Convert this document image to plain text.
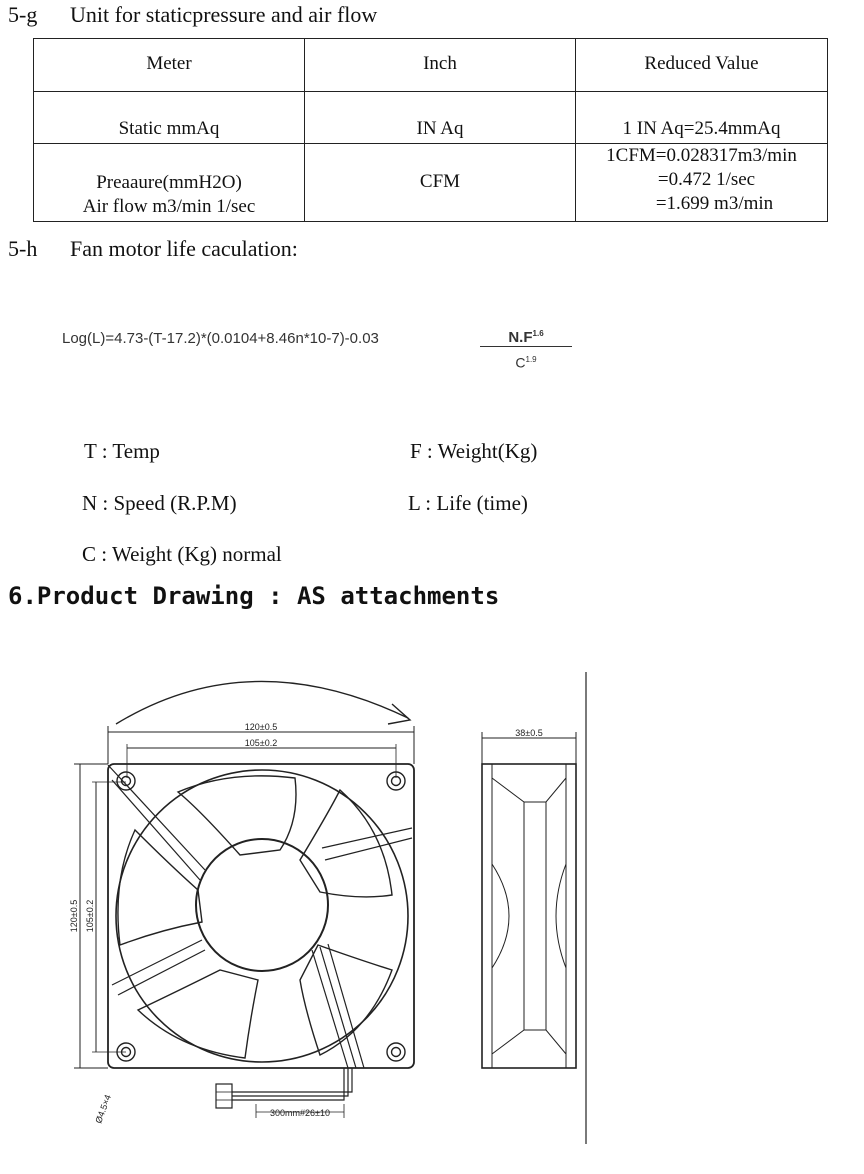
5-g Unit for staticpressure and air flow
Meter	Inch	Reduced Value

Static mmAq	IN Aq	1 IN Aq=25.4mmAq

Preaaure(mmH2O)
Air flow m3/min 1/sec	CFM	1CFM=0.028317m3/min
=0.472 1/sec
=1.699 m3/min
5-h Fan motor life caculation:
Log(L)=4.73-(T-17.2)*(0.0104+8.46n*10-7)-0.03	$N.F^{1.6}$
$C^{1.9}$
T : Temp	F : Weight(Kg)
N : Speed (R.P.M)	L : Life (time)
C : Weight (Kg) normal
6.Product Drawing : AS attachments
120±0.5
105±0.2
120±0.5 105±0.2
38±0.5
Ø4.5×4	300mm#26±10
